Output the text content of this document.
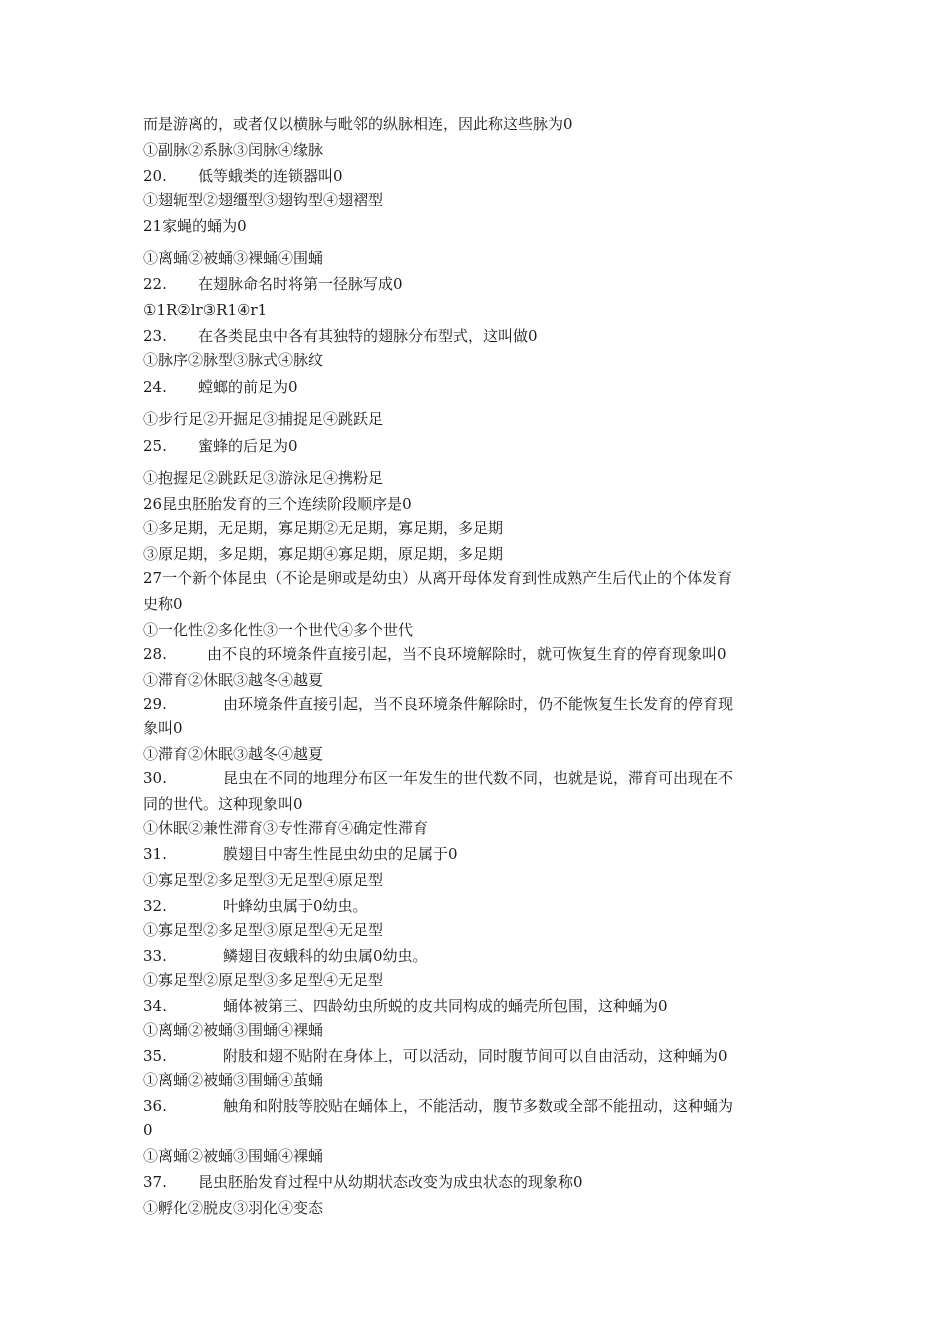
而是游离的，或者仅以横脉与毗邻的纵脉相连，因此称这些脉为0
①副脉②系脉③闰脉④缘脉
20. 低等蛾类的连锁器叫0
①翅轭型②翅缰型③翅钩型④翅褶型
21家蝇的蛹为0
①离蛹②被蛹③裸蛹④围蛹
22. 在翅脉命名时将第一径脉写成0
①1R②lr③R1④r1
23. 在各类昆虫中各有其独特的翅脉分布型式，这叫做0
①脉序②脉型③脉式④脉纹
24. 螳螂的前足为0
①步行足②开掘足③捕捉足④跳跃足
25. 蜜蜂的后足为0
①抱握足②跳跃足③游泳足④携粉足
26昆虫胚胎发育的三个连续阶段顺序是0
①多足期，无足期，寡足期②无足期，寡足期，多足期
③原足期，多足期，寡足期④寡足期，原足期，多足期
27一个新个体昆虫（不论是卵或是幼虫）从离开母体发育到性成熟产生后代止的个体发育
史称0
①一化性②多化性③一个世代④多个世代
28.	由不良的环境条件直接引起，当不良环境解除时，就可恢复生育的停育现象叫0
①滞育②休眠③越冬④越夏
29.	由环境条件直接引起，当不良环境条件解除时，仍不能恢复生长发育的停育现
象叫0
①滞育②休眠③越冬④越夏
30.	昆虫在不同的地理分布区一年发生的世代数不同，也就是说，滞育可出现在不
同的世代。这种现象叫0
①休眠②兼性滞育③专性滞育④确定性滞育
31.	膜翅目中寄生性昆虫幼虫的足属于0
①寡足型②多足型③无足型④原足型
32.	叶蜂幼虫属于0幼虫。
①寡足型②多足型③原足型④无足型
33.	鳞翅目夜蛾科的幼虫属0幼虫。
①寡足型②原足型③多足型④无足型
34.	蛹体被第三、四龄幼虫所蜕的皮共同构成的蛹壳所包围，这种蛹为0
①离蛹②被蛹③围蛹④裸蛹
35.	附肢和翅不贴附在身体上，可以活动，同时腹节间可以自由活动，这种蛹为0
①离蛹②被蛹③围蛹④茧蛹
36.	触角和附肢等胶贴在蛹体上，不能活动，腹节多数或全部不能扭动，这种蛹为
0
①离蛹②被蛹③围蛹④裸蛹
37. 昆虫胚胎发育过程中从幼期状态改变为成虫状态的现象称0
①孵化②脱皮③羽化④变态
